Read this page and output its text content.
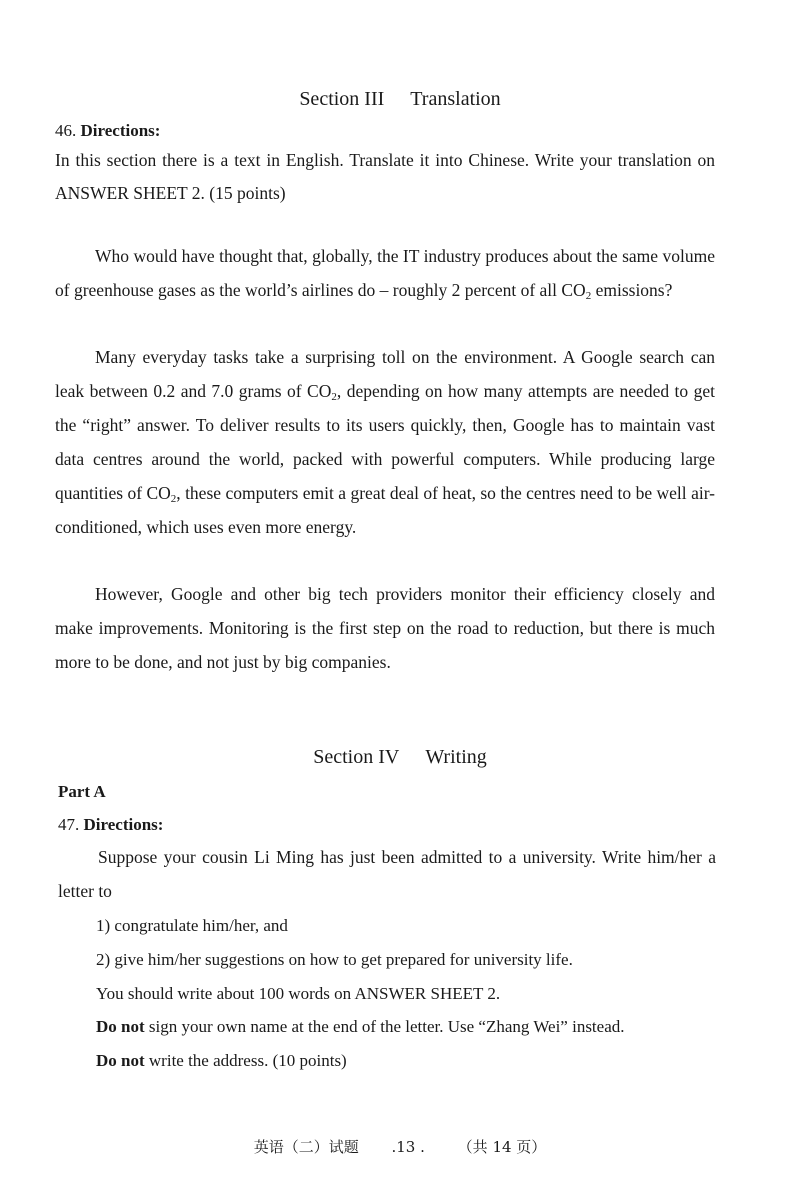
Section III Translation
46. Directions:
In this section there is a text in English. Translate it into Chinese. Write your translation on ANSWER SHEET 2. (15 points)
Who would have thought that, globally, the IT industry produces about the same volume of greenhouse gases as the world’s airlines do – roughly 2 percent of all $CO_2$ emissions?
Many everyday tasks take a surprising toll on the environment. A Google search can leak between 0.2 and 7.0 grams of $CO_2$, depending on how many attempts are needed to get the “right” answer. To deliver results to its users quickly, then, Google has to maintain vast data centres around the world, packed with powerful computers. While producing large quantities of $CO_2$, these computers emit a great deal of heat, so the centres need to be well air-conditioned, which uses even more energy.
However, Google and other big tech providers monitor their efficiency closely and make improvements. Monitoring is the first step on the road to reduction, but there is much more to be done, and not just by big companies.
Section IV Writing
Part A
47. Directions:
Suppose your cousin Li Ming has just been admitted to a university. Write him/her a letter to
1) congratulate him/her, and
2) give him/her suggestions on how to get prepared for university life.
You should write about 100 words on ANSWER SHEET 2.
Do not sign your own name at the end of the letter. Use “Zhang Wei” instead.
Do not write the address. (10 points)
英语（二）试题 .13 . （共 14 页）
